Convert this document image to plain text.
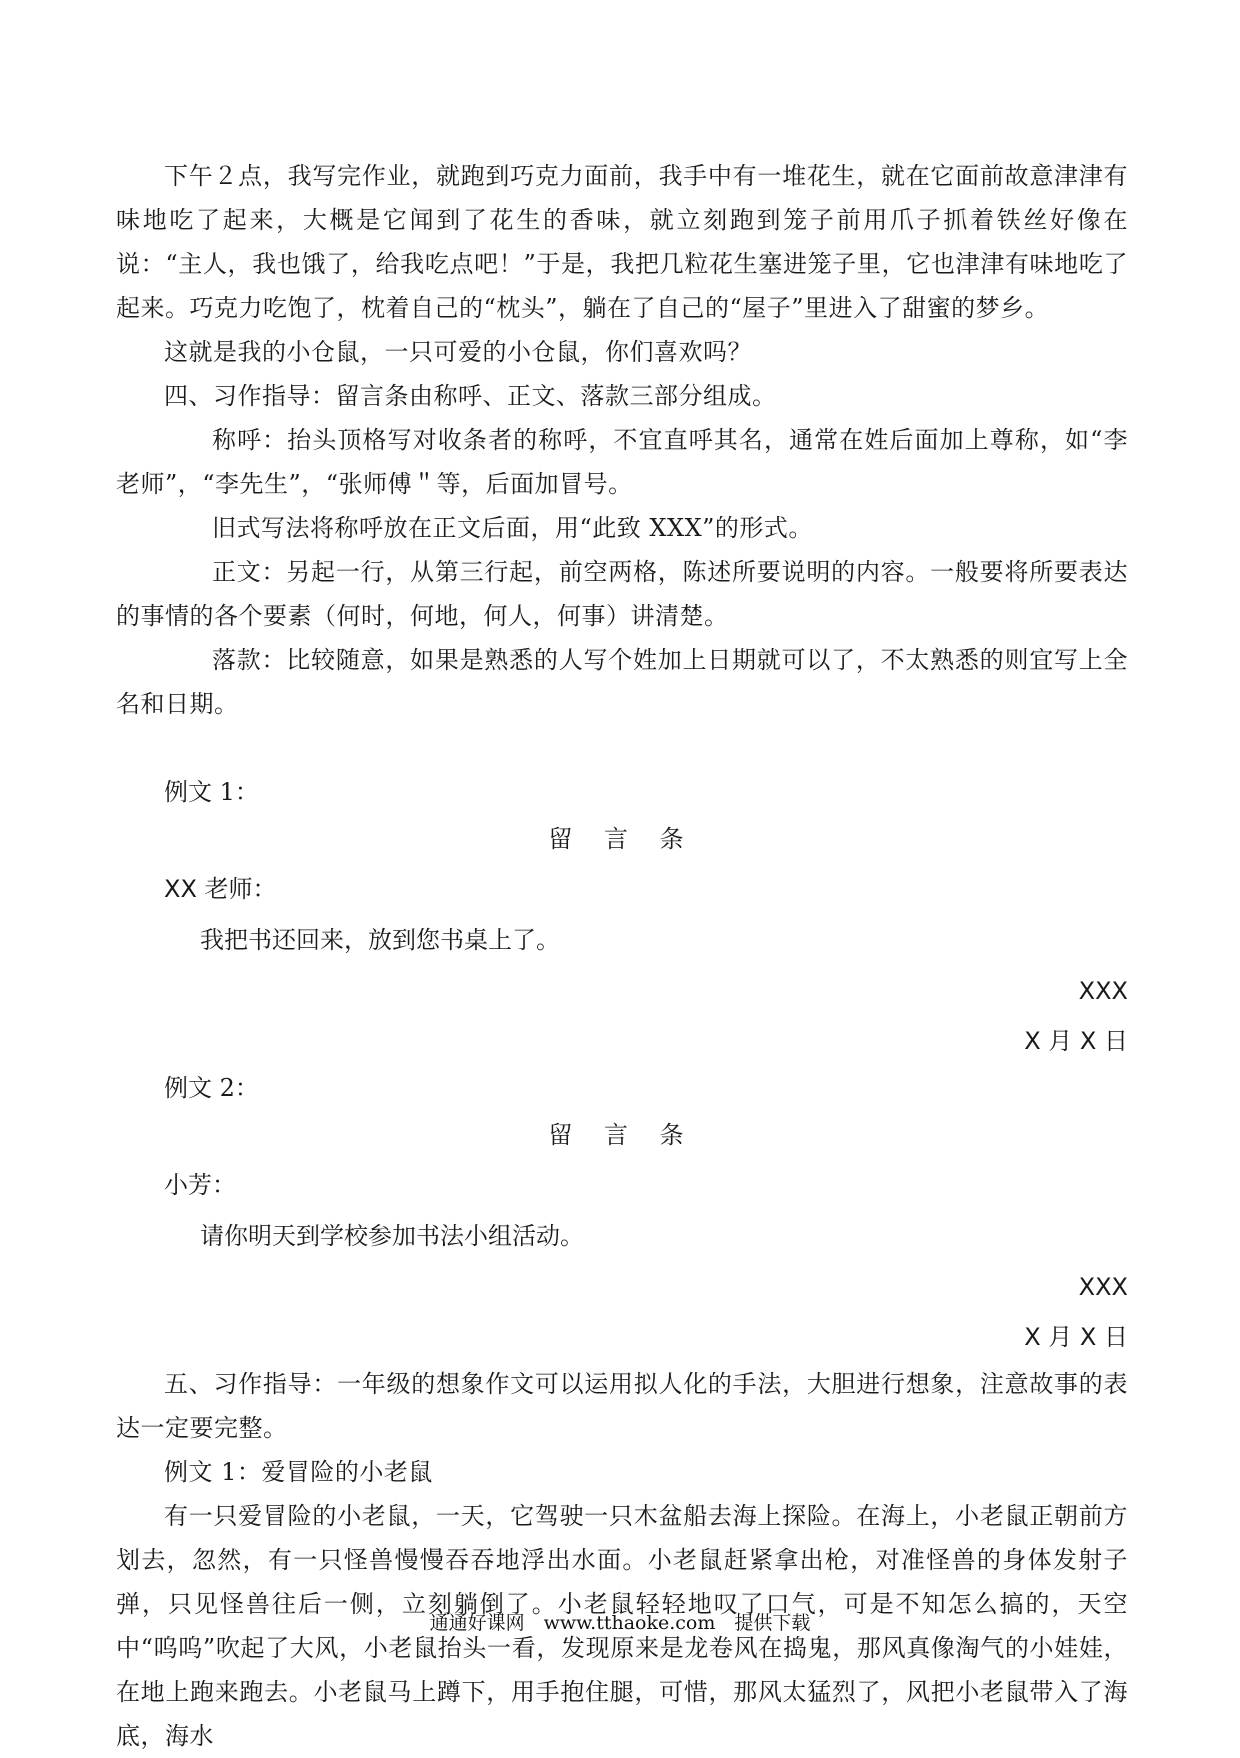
下午２点，我写完作业，就跑到巧克力面前，我手中有一堆花生，就在它面前故意津津有味地吃了起来，大概是它闻到了花生的香味，就立刻跑到笼子前用爪子抓着铁丝好像在说：“主人，我也饿了，给我吃点吧！”于是，我把几粒花生塞进笼子里，它也津津有味地吃了起来。巧克力吃饱了，枕着自己的“枕头”，躺在了自己的“屋子”里进入了甜蜜的梦乡。

这就是我的小仓鼠，一只可爱的小仓鼠，你们喜欢吗？

四、习作指导：留言条由称呼、正文、落款三部分组成。

称呼：抬头顶格写对收条者的称呼，不宜直呼其名，通常在姓后面加上尊称，如“李老师”，“李先生”，“张师傅＂等，后面加冒号。

旧式写法将称呼放在正文后面，用“此致 XXX”的形式。

正文：另起一行，从第三行起，前空两格，陈述所要说明的内容。一般要将所要表达的事情的各个要素（何时，何地，何人，何事）讲清楚。

落款：比较随意，如果是熟悉的人写个姓加上日期就可以了，不太熟悉的则宜写上全名和日期。

例文 1：

留 言 条

XX 老师：

我把书还回来，放到您书桌上了。

XXX

X 月 X 日

例文 2：

留 言 条

小芳：

请你明天到学校参加书法小组活动。

XXX

X 月 X 日

五、习作指导：一年级的想象作文可以运用拟人化的手法，大胆进行想象，注意故事的表达一定要完整。

例文 1：爱冒险的小老鼠

有一只爱冒险的小老鼠，一天，它驾驶一只木盆船去海上探险。在海上，小老鼠正朝前方划去，忽然，有一只怪兽慢慢吞吞地浮出水面。小老鼠赶紧拿出枪，对准怪兽的身体发射子弹，只见怪兽往后一侧，立刻躺倒了。小老鼠轻轻地叹了口气，可是不知怎么搞的，天空中“呜呜”吹起了大风，小老鼠抬头一看，发现原来是龙卷风在捣鬼，那风真像淘气的小娃娃，在地上跑来跑去。小老鼠马上蹲下，用手抱住腿，可惜，那风太猛烈了，风把小老鼠带入了海底，海水

通通好课网　www.tthaoke.com　提供下载
